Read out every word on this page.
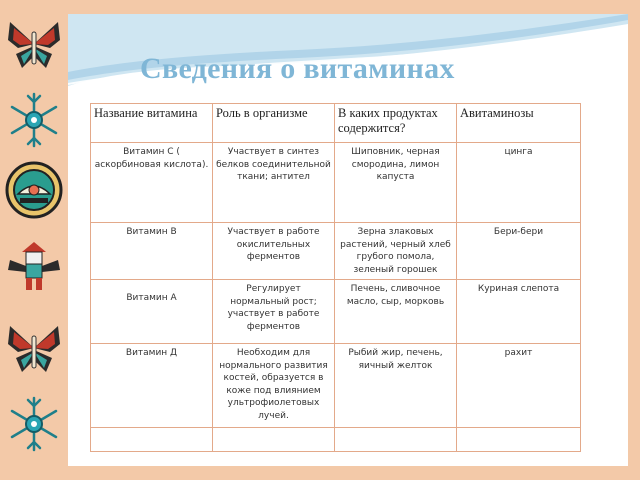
Сведения о витаминах
Название витамина	Роль в организме	В каких продуктах содержится?	Авитаминозы
Витамин С ( аскорбиновая кислота).	Участвует в синтез белков соединительной ткани; антител	Шиповник, черная смородина, лимон капуста	цинга
Витамин В	Участвует в работе окислительных ферментов	Зерна злаковых растений, черный хлеб грубого помола, зеленый горошек	Бери-бери
Витамин А	Регулирует нормальный рост; участвует в работе ферментов	Печень, сливочное масло, сыр, морковь	Куриная слепота
Витамин Д	Необходим для нормального развития костей, образуется в коже под влиянием ультрофиолетовых лучей.	Рыбий жир, печень, яичный желток	рахит
